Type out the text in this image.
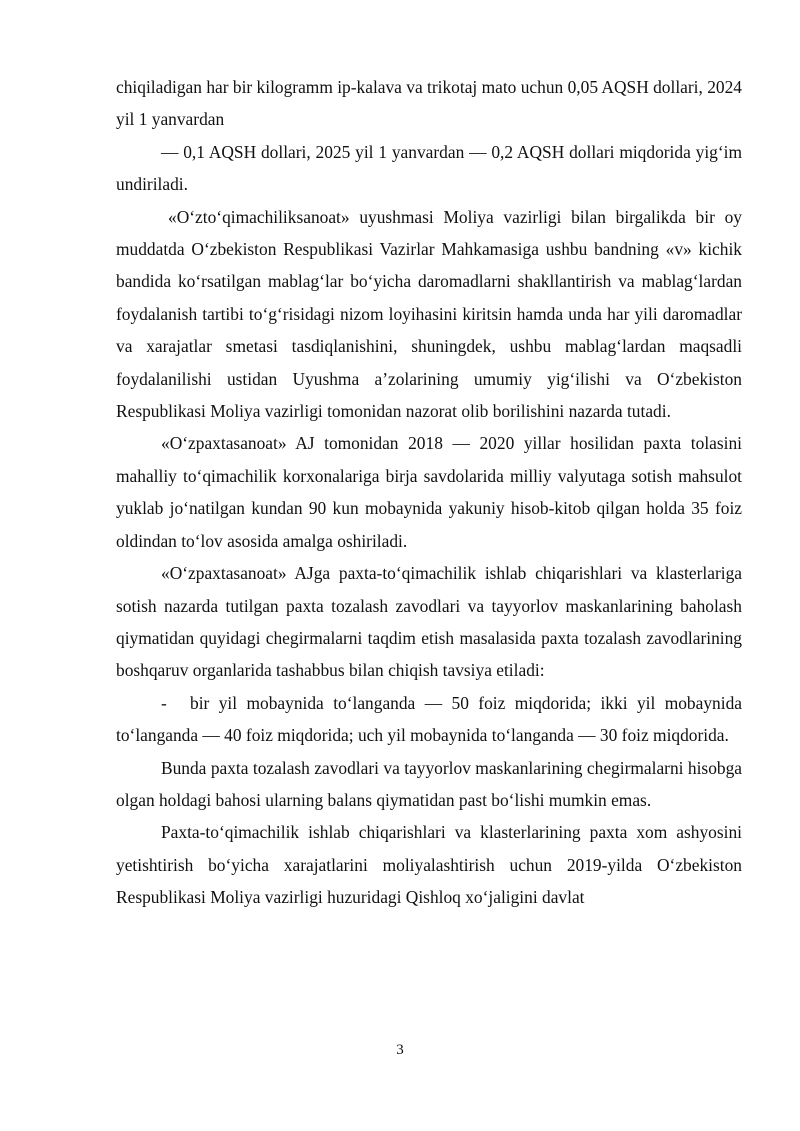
chiqiladigan har bir kilogramm ip-kalava va trikotaj mato uchun 0,05 AQSH dollari, 2024 yil 1 yanvardan

— 0,1 AQSH dollari, 2025 yil 1 yanvardan — 0,2 AQSH dollari miqdorida yig‘im undiriladi.

«O‘zto‘qimachiliksanoat» uyushmasi Moliya vazirligi bilan birgalikda bir oy muddatda O‘zbekiston Respublikasi Vazirlar Mahkamasiga ushbu bandning «v» kichik bandida ko‘rsatilgan mablag‘lar bo‘yicha daromadlarni shakllantirish va mablag‘lardan foydalanish tartibi to‘g‘risidagi nizom loyihasini kiritsin hamda unda har yili daromadlar va xarajatlar smetasi tasdiqlanishini, shuningdek, ushbu mablag‘lardan maqsadli foydalanilishi ustidan Uyushma a’zolarining umumiy yig‘ilishi va O‘zbekiston Respublikasi Moliya vazirligi tomonidan nazorat olib borilishini nazarda tutadi.

«O‘zpaxtasanoat» AJ tomonidan 2018 — 2020 yillar hosilidan paxta tolasini mahalliy to‘qimachilik korxonalariga birja savdolarida milliy valyutaga sotish mahsulot yuklab jo‘natilgan kundan 90 kun mobaynida yakuniy hisob-kitob qilgan holda 35 foiz oldindan to‘lov asosida amalga oshiriladi.

«O‘zpaxtasanoat» AJga paxta-to‘qimachilik ishlab chiqarishlari va klasterlariga sotish nazarda tutilgan paxta tozalash zavodlari va tayyorlov maskanlarining baholash qiymatidan quyidagi chegirmalarni taqdim etish masalasida paxta tozalash zavodlarining boshqaruv organlarida tashabbus bilan chiqish tavsiya etiladi:

- bir yil mobaynida to‘langanda — 50 foiz miqdorida; ikki yil mobaynida to‘langanda — 40 foiz miqdorida; uch yil mobaynida to‘langanda — 30 foiz miqdorida.

Bunda paxta tozalash zavodlari va tayyorlov maskanlarining chegirmalarni hisobga olgan holdagi bahosi ularning balans qiymatidan past bo‘lishi mumkin emas.

Paxta-to‘qimachilik ishlab chiqarishlari va klasterlarining paxta xom ashyosini yetishtirish bo‘yicha xarajatlarini moliyalashtirish uchun 2019-yilda O‘zbekiston Respublikasi Moliya vazirligi huzuridagi Qishloq xo‘jaligini davlat

3
